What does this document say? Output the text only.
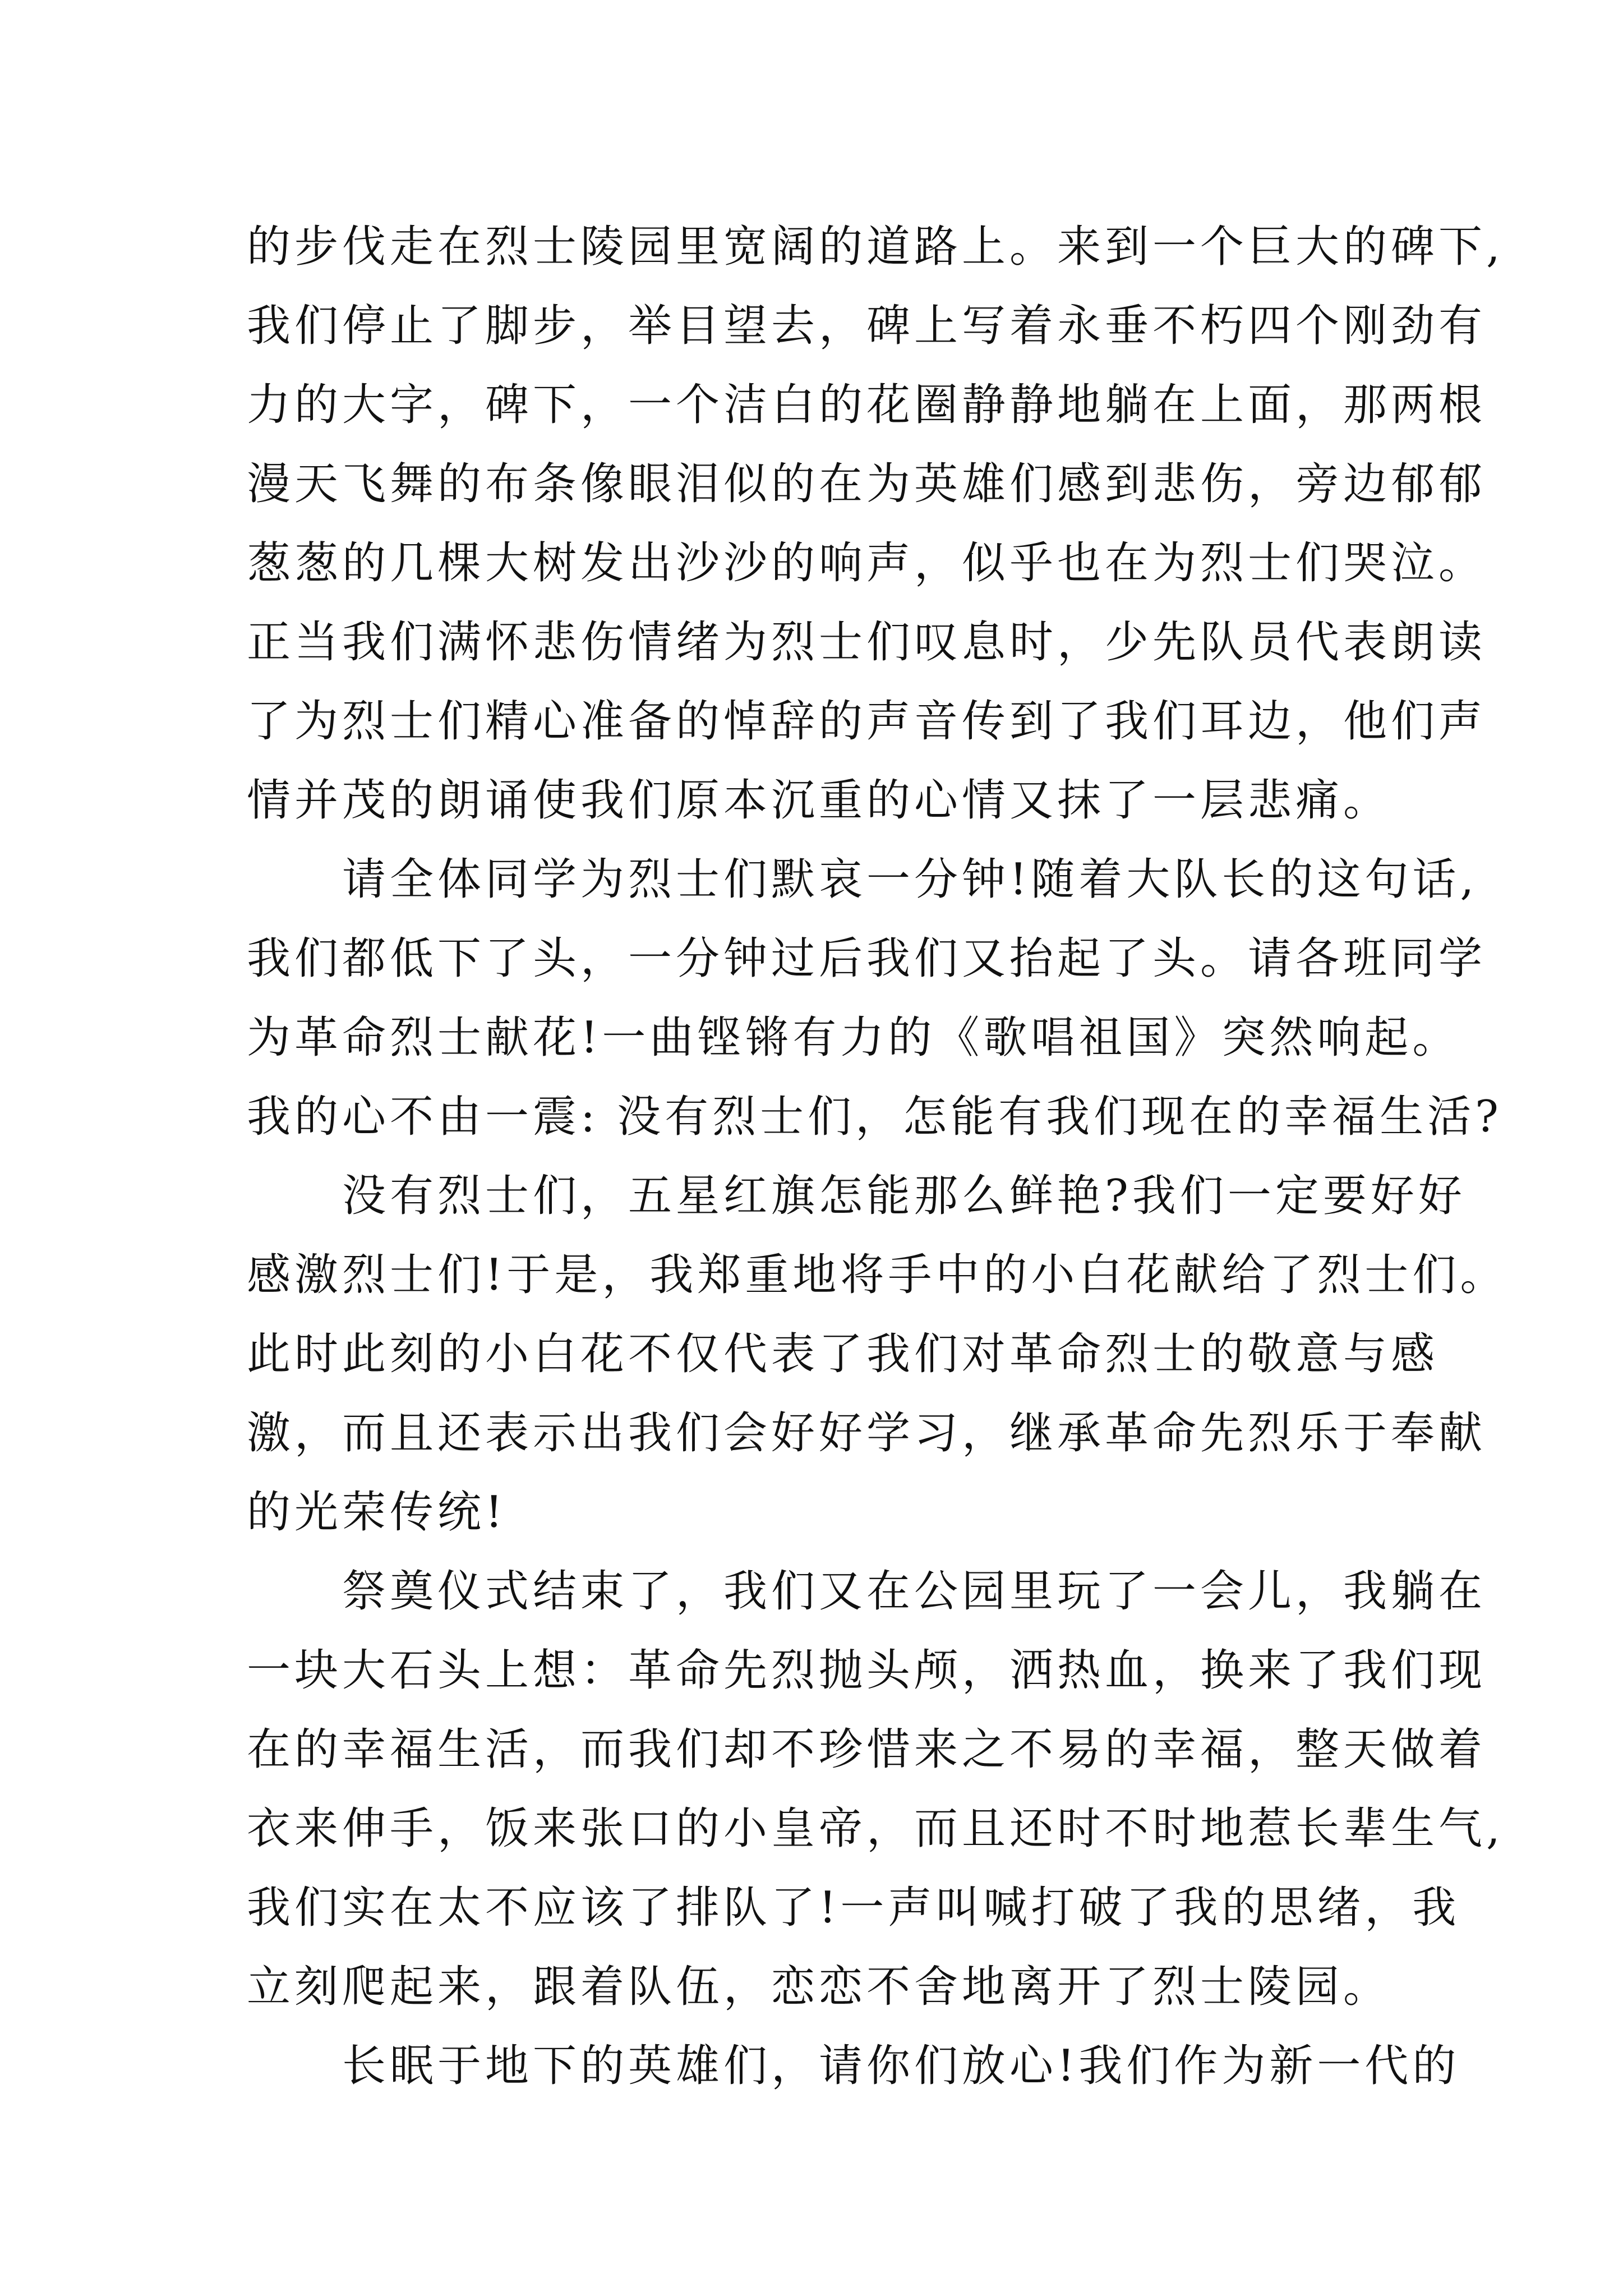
的步伐走在烈士陵园里宽阔的道路上。来到一个巨大的碑下,
我们停止了脚步，举目望去，碑上写着永垂不朽四个刚劲有
力的大字，碑下，一个洁白的花圈静静地躺在上面，那两根
漫天飞舞的布条像眼泪似的在为英雄们感到悲伤，旁边郁郁
葱葱的几棵大树发出沙沙的响声，似乎也在为烈士们哭泣。
正当我们满怀悲伤情绪为烈士们叹息时，少先队员代表朗读
了为烈士们精心准备的悼辞的声音传到了我们耳边，他们声
情并茂的朗诵使我们原本沉重的心情又抹了一层悲痛。
请全体同学为烈士们默哀一分钟!随着大队长的这句话,
我们都低下了头，一分钟过后我们又抬起了头。请各班同学
为革命烈士献花!一曲铿锵有力的《歌唱祖国》突然响起。
我的心不由一震: 没有烈士们，怎能有我们现在的幸福生活?
没有烈士们，五星红旗怎能那么鲜艳?我们一定要好好
感激烈士们!于是，我郑重地将手中的小白花献给了烈士们。
此时此刻的小白花不仅代表了我们对革命烈士的敬意与感
激，而且还表示出我们会好好学习，继承革命先烈乐于奉献
的光荣传统!
祭奠仪式结束了，我们又在公园里玩了一会儿，我躺在
一块大石头上想：革命先烈抛头颅，洒热血，换来了我们现
在的幸福生活，而我们却不珍惜来之不易的幸福，整天做着
衣来伸手，饭来张口的小皇帝，而且还时不时地惹长辈生气,
我们实在太不应该了排队了!一声叫喊打破了我的思绪，我
立刻爬起来，跟着队伍，恋恋不舍地离开了烈士陵园。
长眠于地下的英雄们，请你们放心!我们作为新一代的
